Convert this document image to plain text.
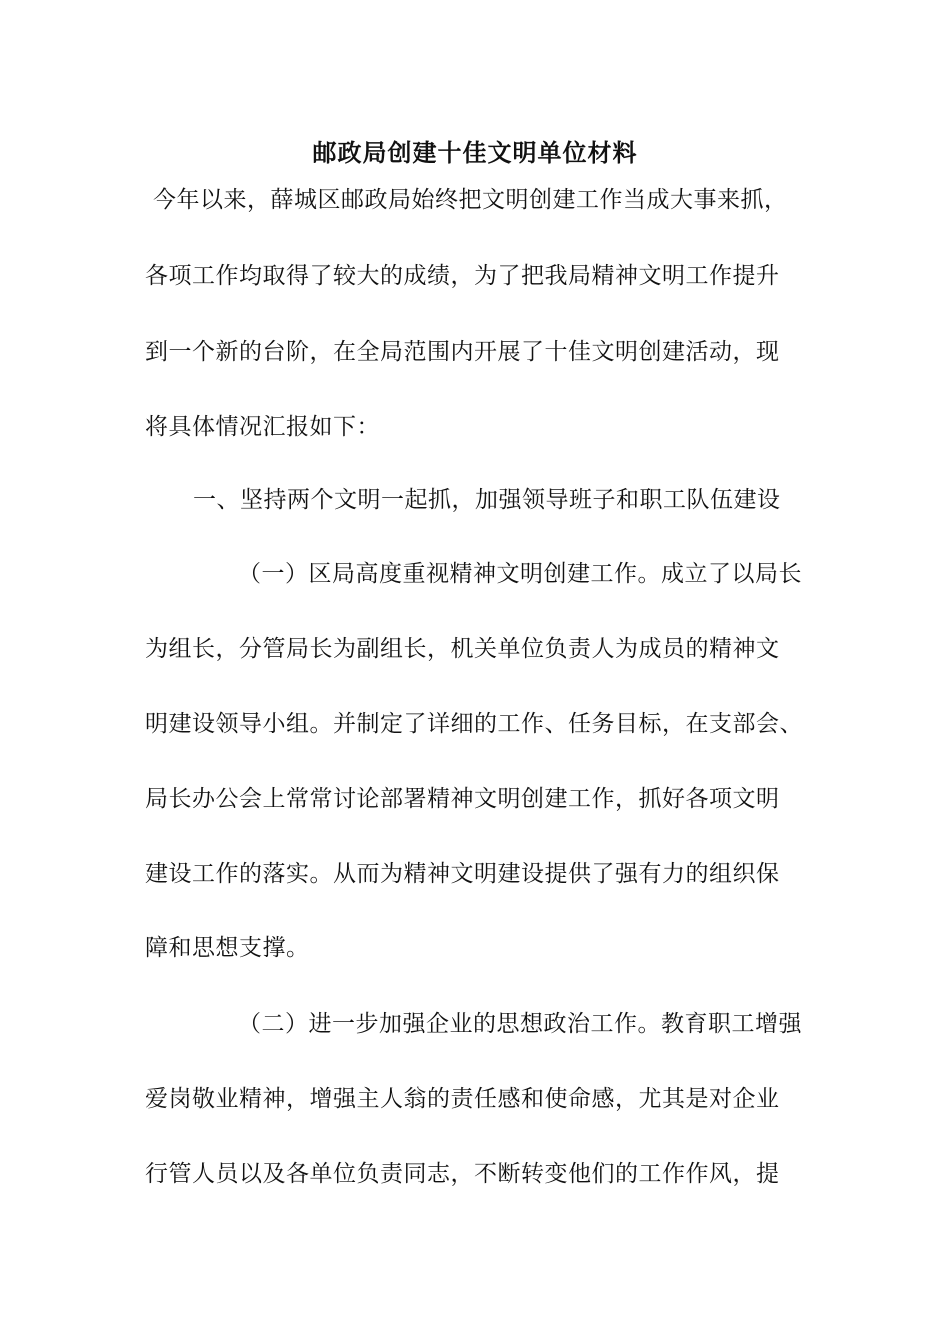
邮政局创建十佳文明单位材料
今年以来，薛城区邮政局始终把文明创建工作当成大事来抓，
各项工作均取得了较大的成绩，为了把我局精神文明工作提升
到一个新的台阶，在全局范围内开展了十佳文明创建活动，现
将具体情况汇报如下：
一、坚持两个文明一起抓，加强领导班子和职工队伍建设
（一）区局高度重视精神文明创建工作。成立了以局长
为组长，分管局长为副组长，机关单位负责人为成员的精神文
明建设领导小组。并制定了详细的工作、任务目标，在支部会、
局长办公会上常常讨论部署精神文明创建工作，抓好各项文明
建设工作的落实。从而为精神文明建设提供了强有力的组织保
障和思想支撑。
（二）进一步加强企业的思想政治工作。教育职工增强
爱岗敬业精神，增强主人翁的责任感和使命感，尤其是对企业
行管人员以及各单位负责同志，不断转变他们的工作作风，提
